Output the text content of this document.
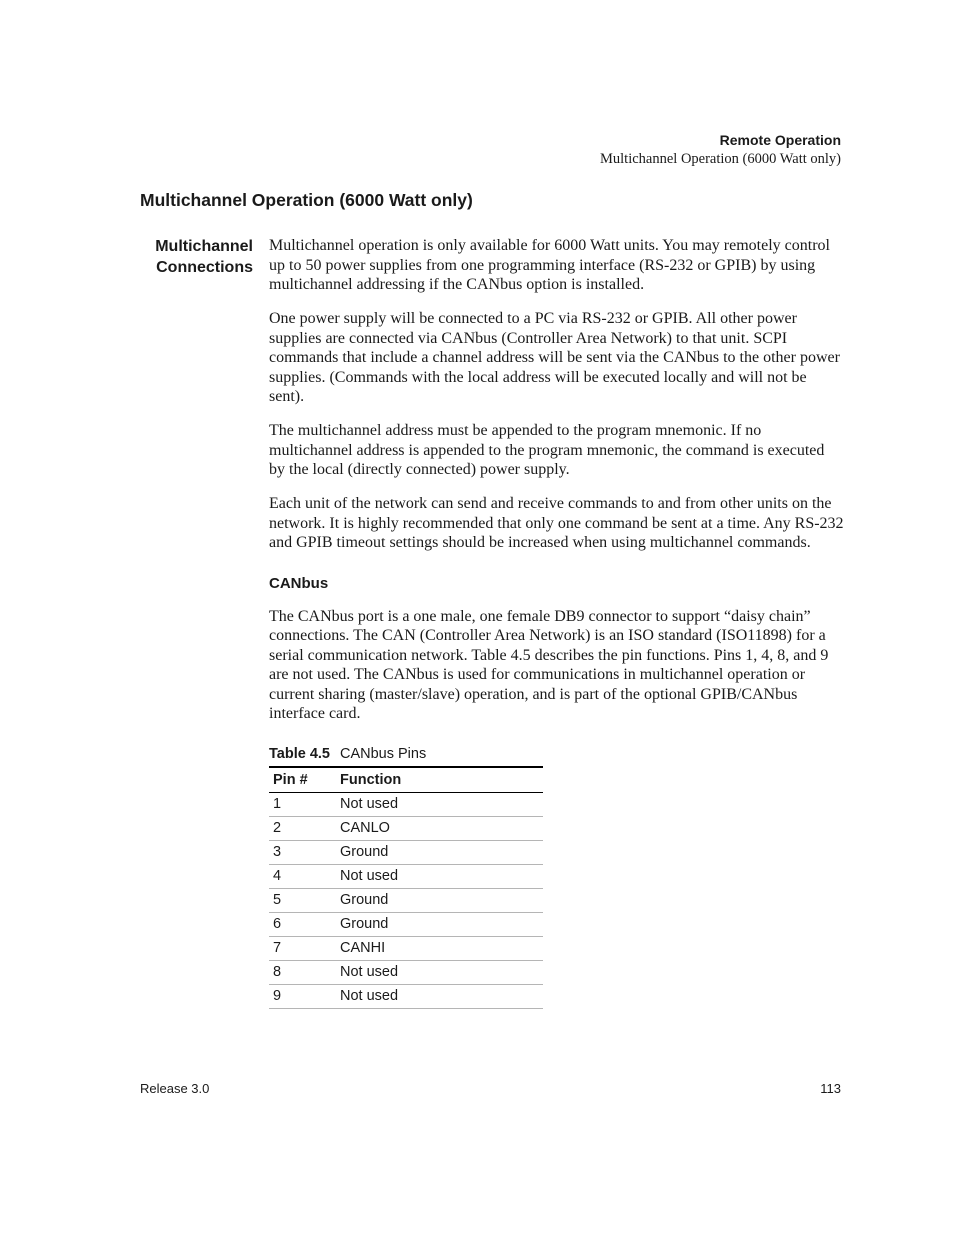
Remote Operation
Multichannel Operation (6000 Watt only)
Multichannel Operation (6000 Watt only)
Multichannel
Connections

Multichannel operation is only available for 6000 Watt units. You may remotely control up to 50 power supplies from one programming interface (RS-232 or GPIB) by using multichannel addressing if the CANbus option is installed.

One power supply will be connected to a PC via RS-232 or GPIB. All other power supplies are connected via CANbus (Controller Area Network) to that unit. SCPI commands that include a channel address will be sent via the CANbus to the other power supplies. (Commands with the local address will be executed locally and will not be sent).

The multichannel address must be appended to the program mnemonic. If no multichannel address is appended to the program mnemonic, the command is executed by the local (directly connected) power supply.

Each unit of the network can send and receive commands to and from other units on the network. It is highly recommended that only one command be sent at a time. Any RS-232 and GPIB timeout settings should be increased when using multichannel commands.

CANbus

The CANbus port is a one male, one female DB9 connector to support “daisy chain” connections. The CAN (Controller Area Network) is an ISO standard (ISO11898) for a serial communication network. Table 4.5 describes the pin functions. Pins 1, 4, 8, and 9 are not used. The CANbus is used for communications in multichannel operation or current sharing (master/slave) operation, and is part of the optional GPIB/CANbus interface card.

Table 4.5 CANbus Pins
Pin #	Function
1	Not used
2	CANLO
3	Ground
4	Not used
5	Ground
6	Ground
7	CANHI
8	Not used
9	Not used
Release 3.0	113
